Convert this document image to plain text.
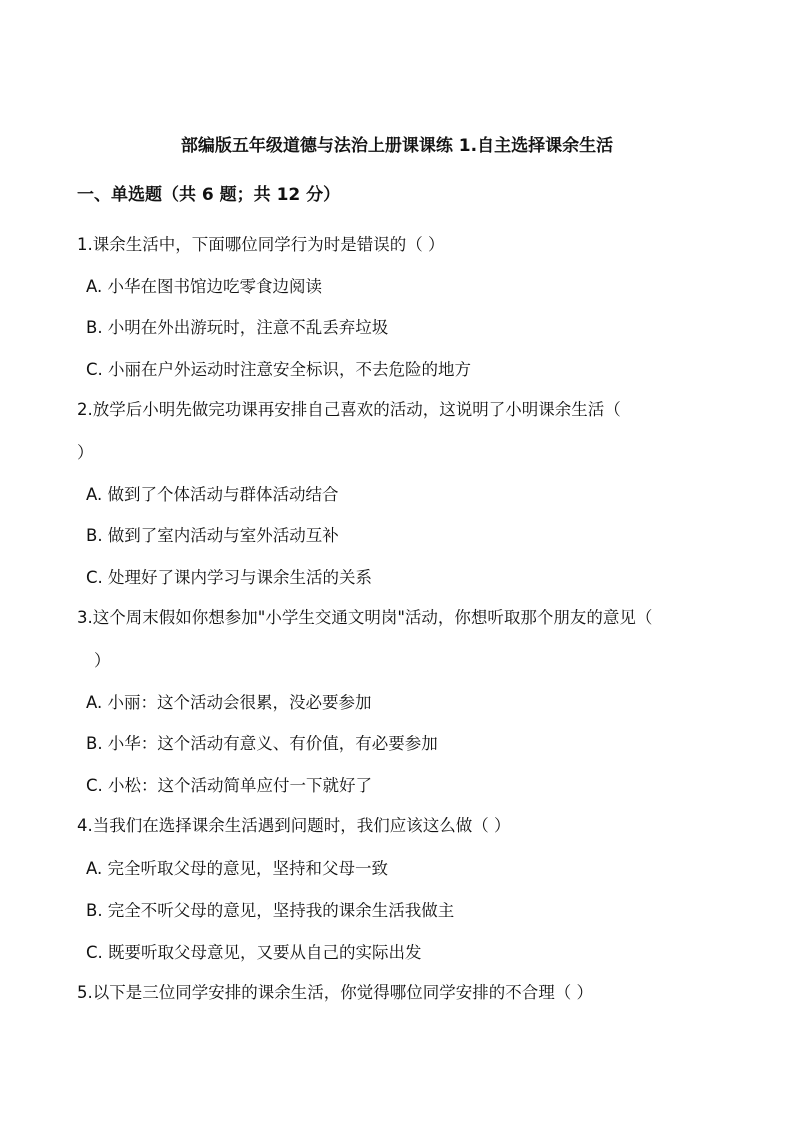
部编版五年级道德与法治上册课课练 1.自主选择课余生活
一、单选题（共 6 题；共 12 分）
1.课余生活中，下面哪位同学行为时是错误的（ ）
A. 小华在图书馆边吃零食边阅读
B. 小明在外出游玩时，注意不乱丢弃垃圾
C. 小丽在户外运动时注意安全标识，不去危险的地方
2.放学后小明先做完功课再安排自己喜欢的活动，这说明了小明课余生活（
）
A. 做到了个体活动与群体活动结合
B. 做到了室内活动与室外活动互补
C. 处理好了课内学习与课余生活的关系
3.这个周末假如你想参加"小学生交通文明岗"活动，你想听取那个朋友的意见（
）
A. 小丽：这个活动会很累，没必要参加
B. 小华：这个活动有意义、有价值，有必要参加
C. 小松：这个活动简单应付一下就好了
4.当我们在选择课余生活遇到问题时，我们应该这么做（ ）
A. 完全听取父母的意见，坚持和父母一致
B. 完全不听父母的意见，坚持我的课余生活我做主
C. 既要听取父母意见，又要从自己的实际出发
5.以下是三位同学安排的课余生活，你觉得哪位同学安排的不合理（ ）
